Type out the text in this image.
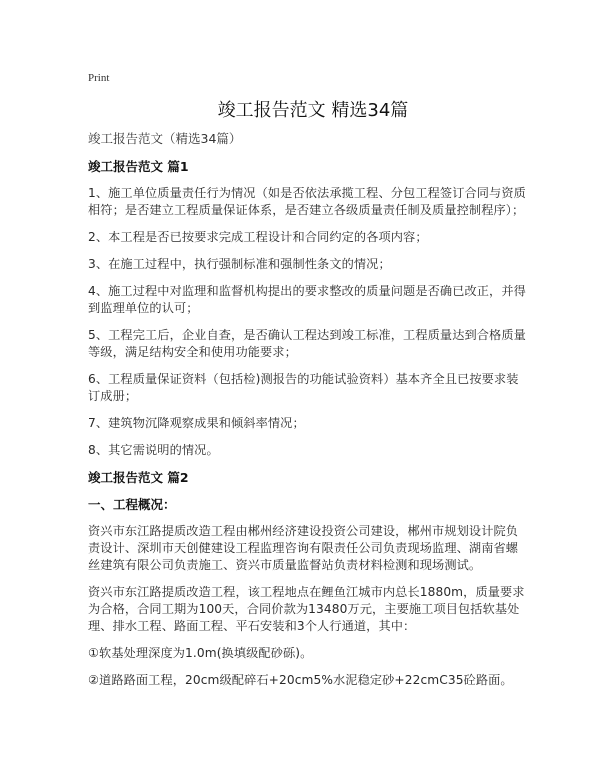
Print
竣工报告范文 精选34篇
竣工报告范文（精选34篇）
竣工报告范文 篇1

1、施工单位质量责任行为情况（如是否依法承揽工程、分包工程签订合同与资质相符；是否建立工程质量保证体系，是否建立各级质量责任制及质量控制程序）；

2、本工程是否已按要求完成工程设计和合同约定的各项内容；

3、在施工过程中，执行强制标准和强制性条文的情况；

4、施工过程中对监理和监督机构提出的要求整改的质量问题是否确已改正，并得到监理单位的认可；

5、工程完工后，企业自查，是否确认工程达到竣工标准，工程质量达到合格质量等级，满足结构安全和使用功能要求；

6、工程质量保证资料（包括检)测报告的功能试验资料）基本齐全且已按要求装订成册；

7、建筑物沉降观察成果和倾斜率情况；

8、其它需说明的情况。

竣工报告范文 篇2
一、工程概况：

资兴市东江路提质改造工程由郴州经济建设投资公司建设，郴州市规划设计院负责设计、深圳市天创健建设工程监理咨询有限责任公司负责现场监理、湖南省螺丝建筑有限公司负责施工、资兴市质量监督站负责材料检测和现场测试。

资兴市东江路提质改造工程，该工程地点在鲤鱼江城市内总长1880m，质量要求为合格，合同工期为100天，合同价款为13480万元，主要施工项目包括软基处理、排水工程、路面工程、平石安装和3个人行通道，其中：

①软基处理深度为1.0m(换填级配砂砾)。

②道路路面工程，20cm级配碎石+20cm5%水泥稳定砂+22cmC35砼路面。
